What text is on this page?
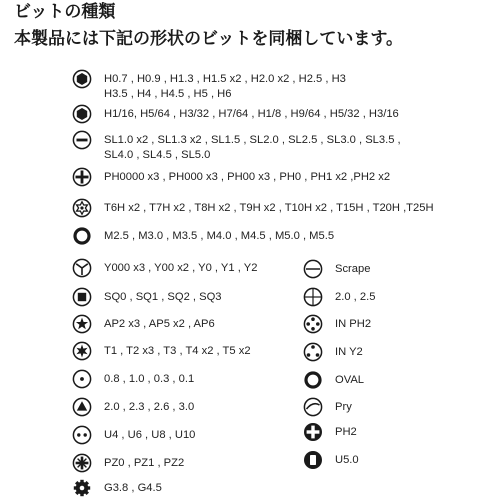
ビットの種類
本製品には下記の形状のビットを同梱しています。
H0.7 , H0.9 , H1.3 , H1.5 x2 , H2.0 x2 , H2.5 , H3
H3.5 , H4 , H4.5 , H5 , H6
H1/16, H5/64 , H3/32 , H7/64 , H1/8 , H9/64 , H5/32 , H3/16
SL1.0 x2 , SL1.3 x2 , SL1.5 , SL2.0 , SL2.5 , SL3.0 , SL3.5 ,
SL4.0 , SL4.5 , SL5.0
PH0000 x3 , PH000 x3 , PH00 x3 , PH0 , PH1 x2 ,PH2 x2
T6H x2 , T7H x2 , T8H x2 , T9H x2 , T10H x2 , T15H , T20H ,T25H
M2.5 , M3.0 , M3.5 , M4.0 , M4.5 , M5.0 , M5.5
Y000 x3 , Y00 x2 , Y0 , Y1 , Y2
SQ0 , SQ1 , SQ2 , SQ3
AP2 x3 , AP5 x2 , AP6
T1 , T2 x3 , T3 , T4 x2 , T5 x2
0.8 , 1.0 , 0.3 , 0.1
2.0 , 2.3 , 2.6 , 3.0
U4 , U6 , U8 , U10
PZ0 , PZ1 , PZ2
G3.8 , G4.5
Scrape
2.0 , 2.5
IN PH2
IN Y2
OVAL
Pry
PH2
U5.0
